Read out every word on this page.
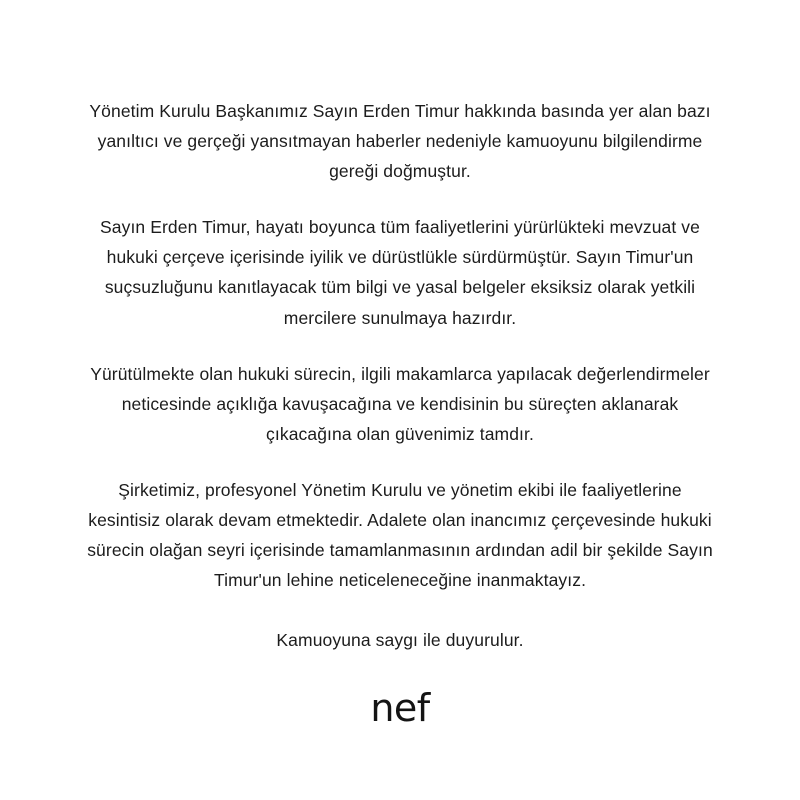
Yönetim Kurulu Başkanımız Sayın Erden Timur hakkında basında yer alan bazı yanıltıcı ve gerçeği yansıtmayan haberler nedeniyle kamuoyunu bilgilendirme gereği doğmuştur.

Sayın Erden Timur, hayatı boyunca tüm faaliyetlerini yürürlükteki mevzuat ve hukuki çerçeve içerisinde iyilik ve dürüstlükle sürdürmüştür. Sayın Timur'un suçsuzluğunu kanıtlayacak tüm bilgi ve yasal belgeler eksiksiz olarak yetkili mercilere sunulmaya hazırdır.

Yürütülmekte olan hukuki sürecin, ilgili makamlarca yapılacak değerlendirmeler neticesinde açıklığa kavuşacağına ve kendisinin bu süreçten aklanarak çıkacağına olan güvenimiz tamdır.

Şirketimiz, profesyonel Yönetim Kurulu ve yönetim ekibi ile faaliyetlerine kesintisiz olarak devam etmektedir. Adalete olan inancımız çerçevesinde hukuki sürecin olağan seyri içerisinde tamamlanmasının ardından adil bir şekilde Sayın Timur'un lehine neticeleneceğine inanmaktayız.

Kamuoyuna saygı ile duyurulur.

nef
